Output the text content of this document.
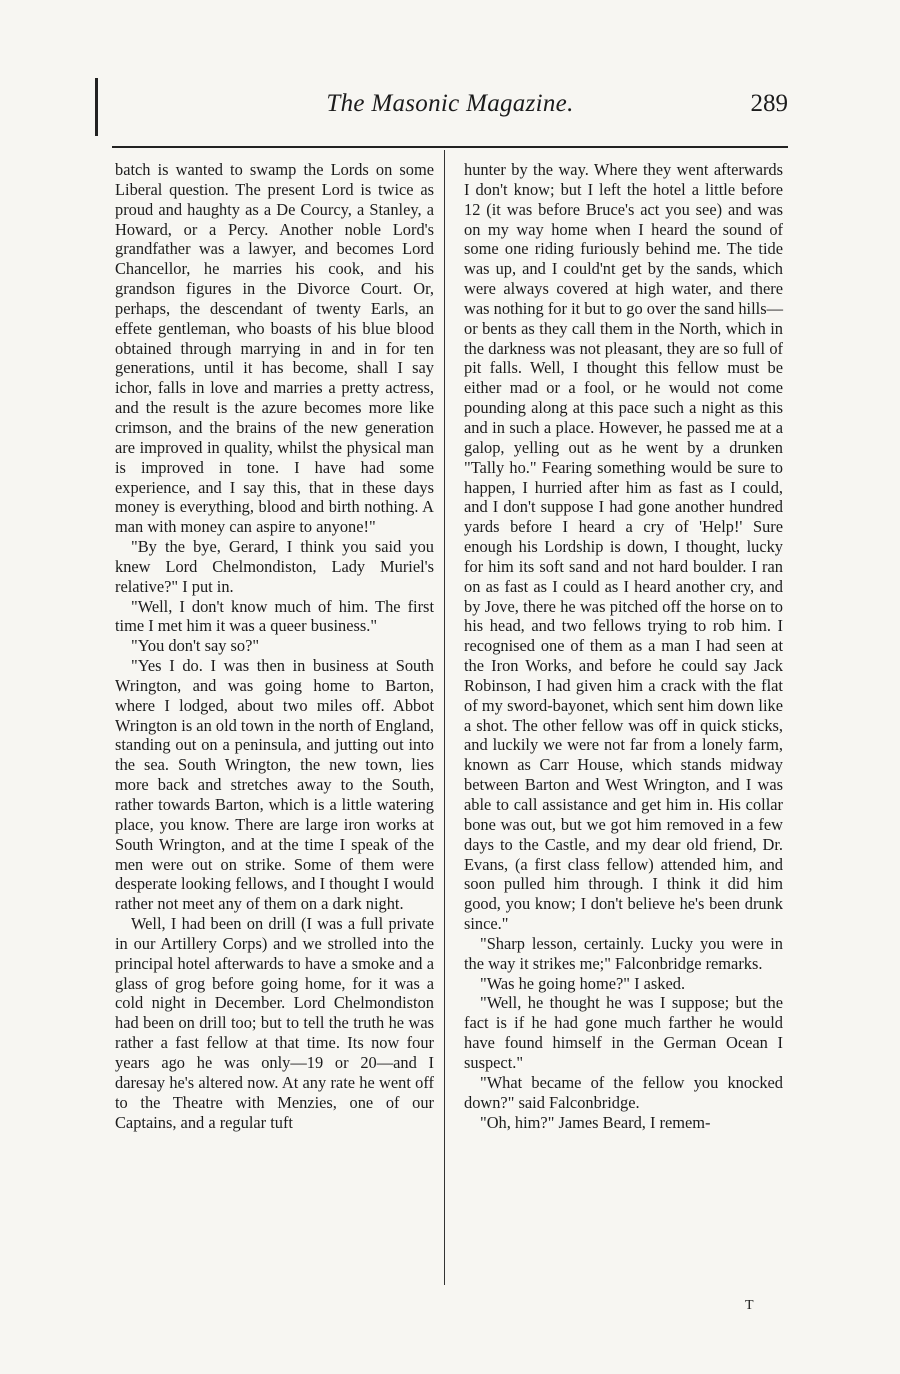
The Masonic Magazine.	289

batch is wanted to swamp the Lords on some Liberal question. The present Lord is twice as proud and haughty as a De Courcy, a Stanley, a Howard, or a Percy. Another noble Lord's grandfather was a lawyer, and becomes Lord Chancellor, he marries his cook, and his grandson figures in the Divorce Court. Or, perhaps, the descendant of twenty Earls, an effete gentleman, who boasts of his blue blood obtained through marrying in and in for ten generations, until it has become, shall I say ichor, falls in love and marries a pretty actress, and the result is the azure becomes more like crimson, and the brains of the new generation are improved in quality, whilst the physical man is improved in tone. I have had some experience, and I say this, that in these days money is everything, blood and birth nothing. A man with money can aspire to anyone!"

"By the bye, Gerard, I think you said you knew Lord Chelmondiston, Lady Muriel's relative?" I put in.

"Well, I don't know much of him. The first time I met him it was a queer business."

"You don't say so?"

"Yes I do. I was then in business at South Wrington, and was going home to Barton, where I lodged, about two miles off. Abbot Wrington is an old town in the north of England, standing out on a peninsula, and jutting out into the sea. South Wrington, the new town, lies more back and stretches away to the South, rather towards Barton, which is a little watering place, you know. There are large iron works at South Wrington, and at the time I speak of the men were out on strike. Some of them were desperate looking fellows, and I thought I would rather not meet any of them on a dark night.

Well, I had been on drill (I was a full private in our Artillery Corps) and we strolled into the principal hotel afterwards to have a smoke and a glass of grog before going home, for it was a cold night in December. Lord Chelmondiston had been on drill too; but to tell the truth he was rather a fast fellow at that time. Its now four years ago he was only—19 or 20—and I daresay he's altered now. At any rate he went off to the Theatre with Menzies, one of our Captains, and a regular tuft

hunter by the way. Where they went afterwards I don't know; but I left the hotel a little before 12 (it was before Bruce's act you see) and was on my way home when I heard the sound of some one riding furiously behind me. The tide was up, and I could'nt get by the sands, which were always covered at high water, and there was nothing for it but to go over the sand hills—or bents as they call them in the North, which in the darkness was not pleasant, they are so full of pit falls. Well, I thought this fellow must be either mad or a fool, or he would not come pounding along at this pace such a night as this and in such a place. However, he passed me at a galop, yelling out as he went by a drunken "Tally ho." Fearing something would be sure to happen, I hurried after him as fast as I could, and I don't suppose I had gone another hundred yards before I heard a cry of 'Help!' Sure enough his Lordship is down, I thought, lucky for him its soft sand and not hard boulder. I ran on as fast as I could as I heard another cry, and by Jove, there he was pitched off the horse on to his head, and two fellows trying to rob him. I recognised one of them as a man I had seen at the Iron Works, and before he could say Jack Robinson, I had given him a crack with the flat of my sword-bayonet, which sent him down like a shot. The other fellow was off in quick sticks, and luckily we were not far from a lonely farm, known as Carr House, which stands midway between Barton and West Wrington, and I was able to call assistance and get him in. His collar bone was out, but we got him removed in a few days to the Castle, and my dear old friend, Dr. Evans, (a first class fellow) attended him, and soon pulled him through. I think it did him good, you know; I don't believe he's been drunk since."

"Sharp lesson, certainly. Lucky you were in the way it strikes me;" Falconbridge remarks.

"Was he going home?" I asked.

"Well, he thought he was I suppose; but the fact is if he had gone much farther he would have found himself in the German Ocean I suspect."

"What became of the fellow you knocked down?" said Falconbridge.

"Oh, him?" James Beard, I remem-

T
